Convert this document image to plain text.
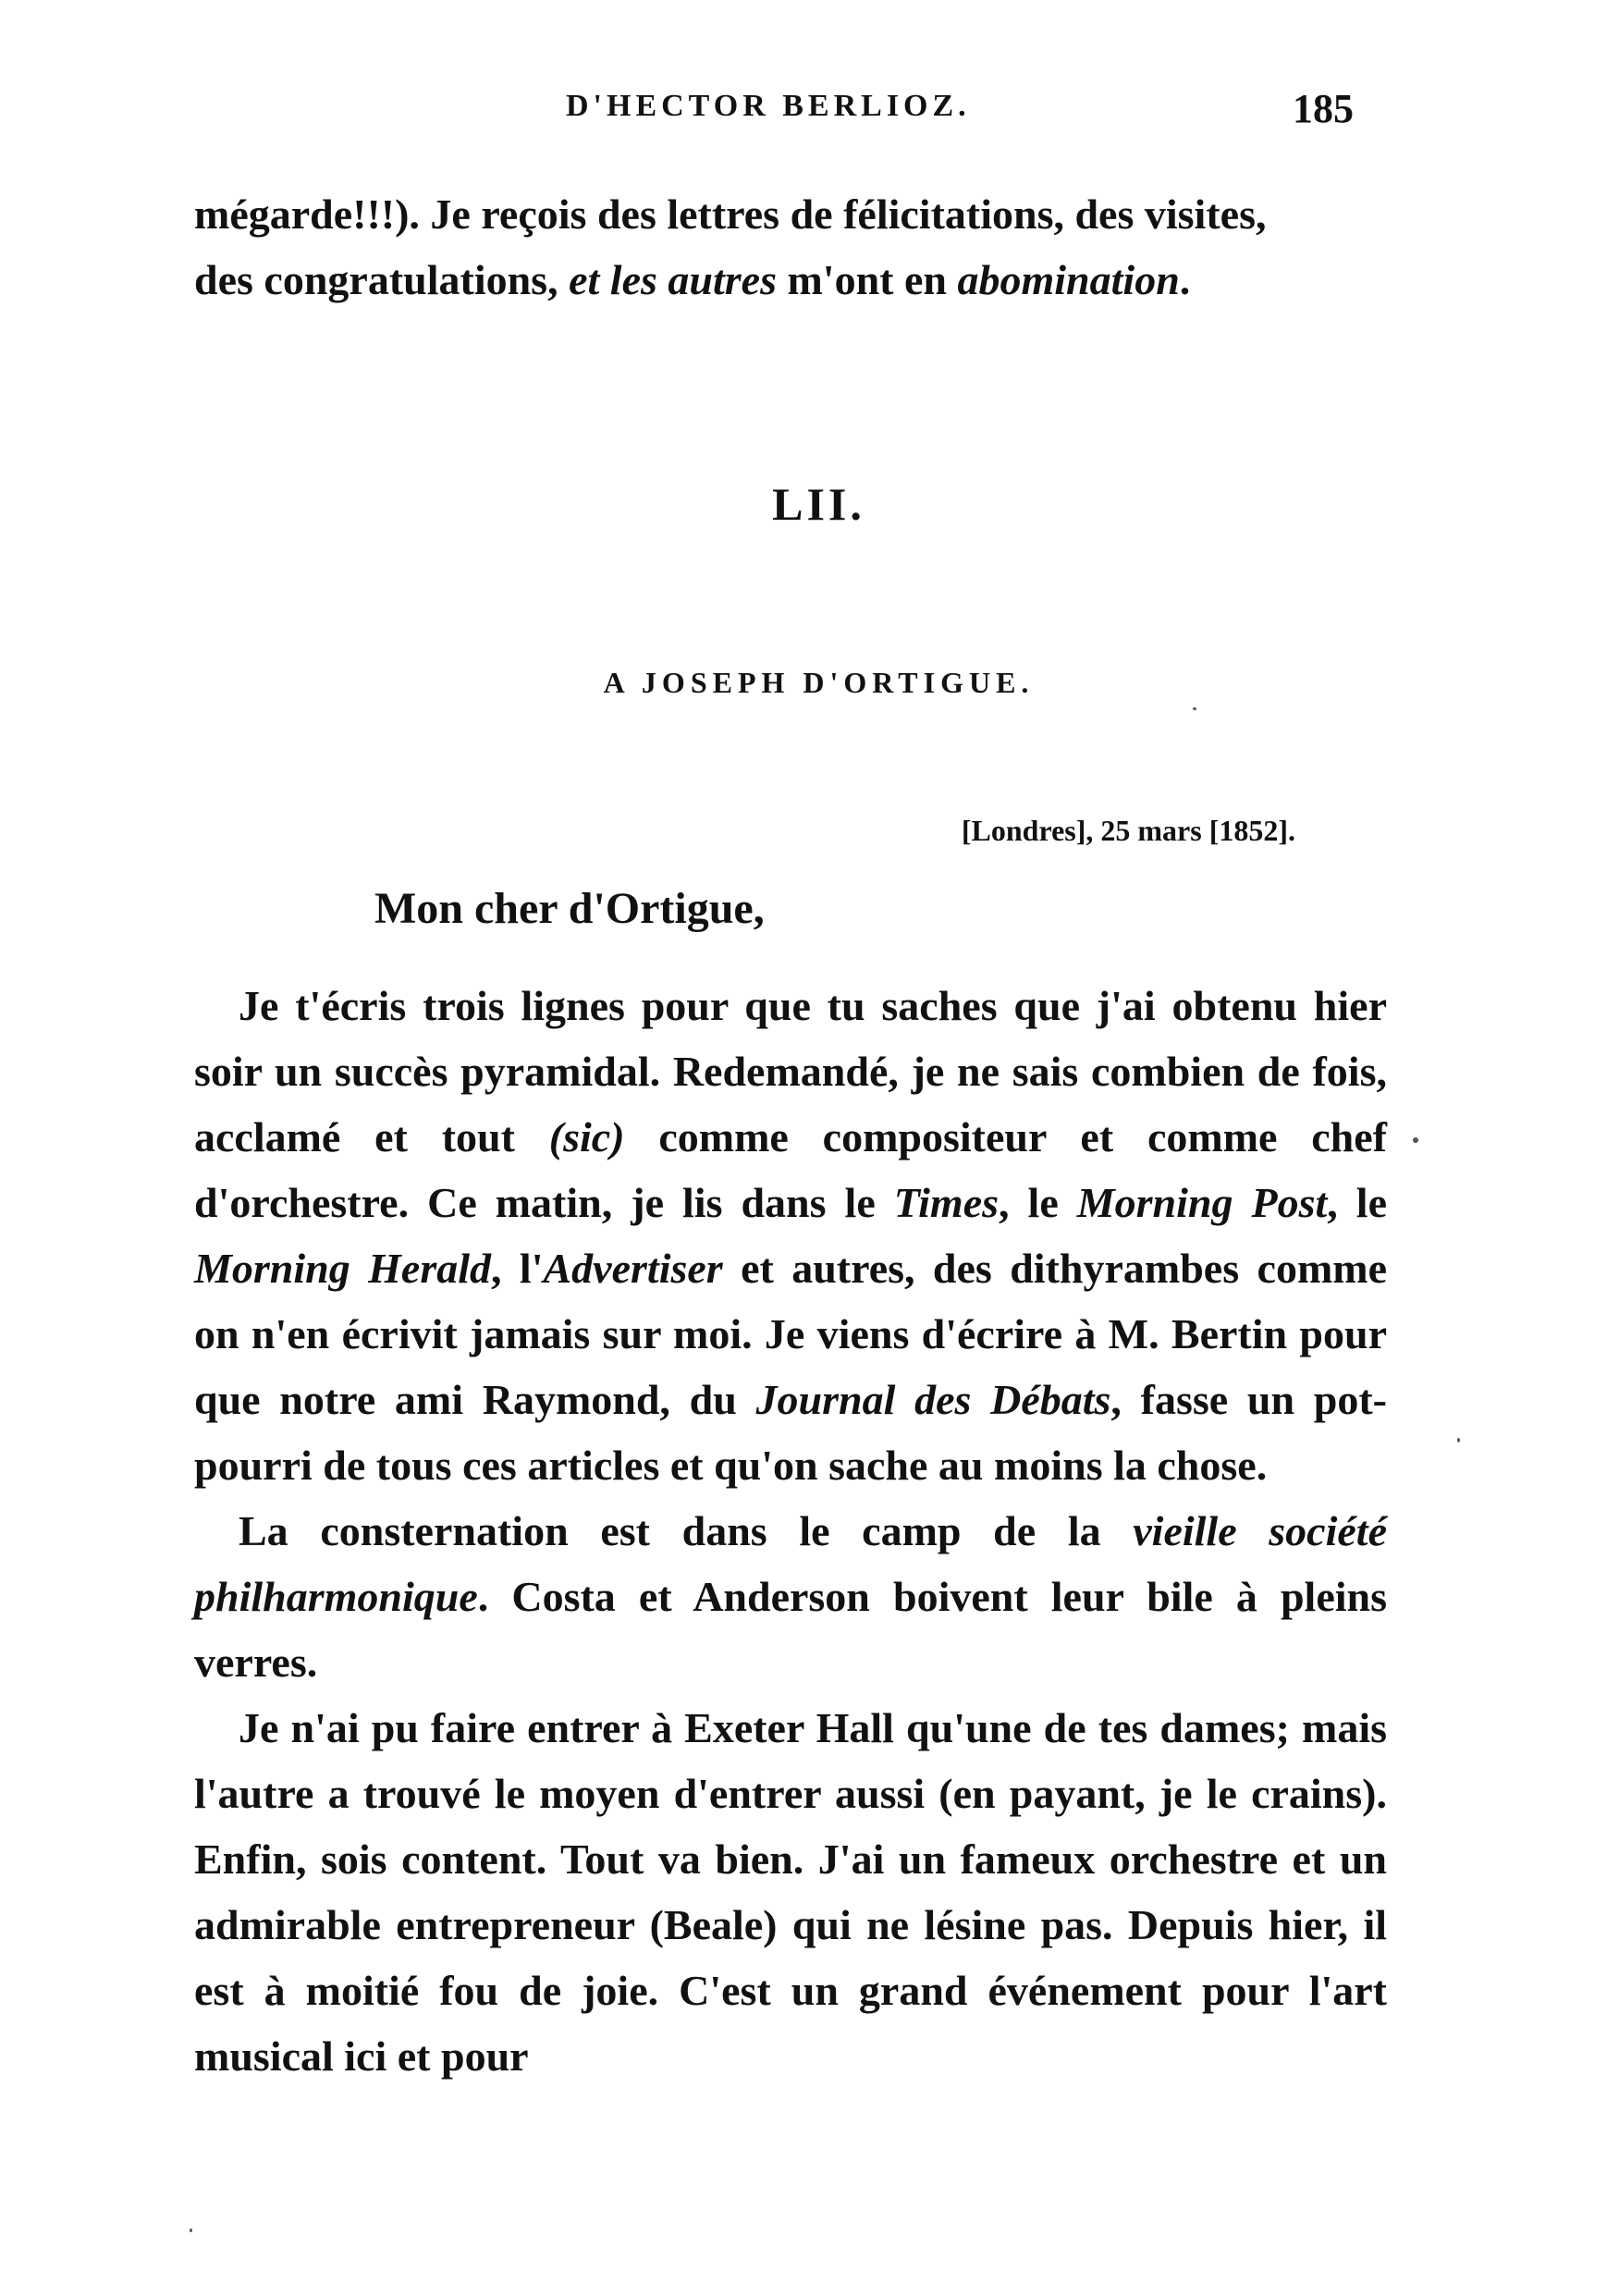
D'HECTOR BERLIOZ.	185

mégarde!!!). Je reçois des lettres de félicitations, des visites,

des congratulations, et les autres m'ont en abomination.

LII.
A JOSEPH D'ORTIGUE.
[Londres], 25 mars [1852].
Mon cher d'Ortigue,

Je t'écris trois lignes pour que tu saches que j'ai obtenu hier soir un succès pyramidal. Redemandé, je ne sais combien de fois, acclamé et tout (sic) comme compositeur et comme chef d'orchestre. Ce matin, je lis dans le Times, le Morning Post, le Morning Herald, l'Advertiser et autres, des dithyrambes comme on n'en écrivit jamais sur moi. Je viens d'écrire à M. Bertin pour que notre ami Raymond, du Journal des Débats, fasse un pot-pourri de tous ces articles et qu'on sache au moins la chose.

La consternation est dans le camp de la vieille société philharmonique. Costa et Anderson boivent leur bile à pleins verres.

Je n'ai pu faire entrer à Exeter Hall qu'une de tes dames; mais l'autre a trouvé le moyen d'entrer aussi (en payant, je le crains). Enfin, sois content. Tout va bien. J'ai un fameux orchestre et un admirable entrepreneur (Beale) qui ne lésine pas. Depuis hier, il est à moitié fou de joie. C'est un grand événement pour l'art musical ici et pour
